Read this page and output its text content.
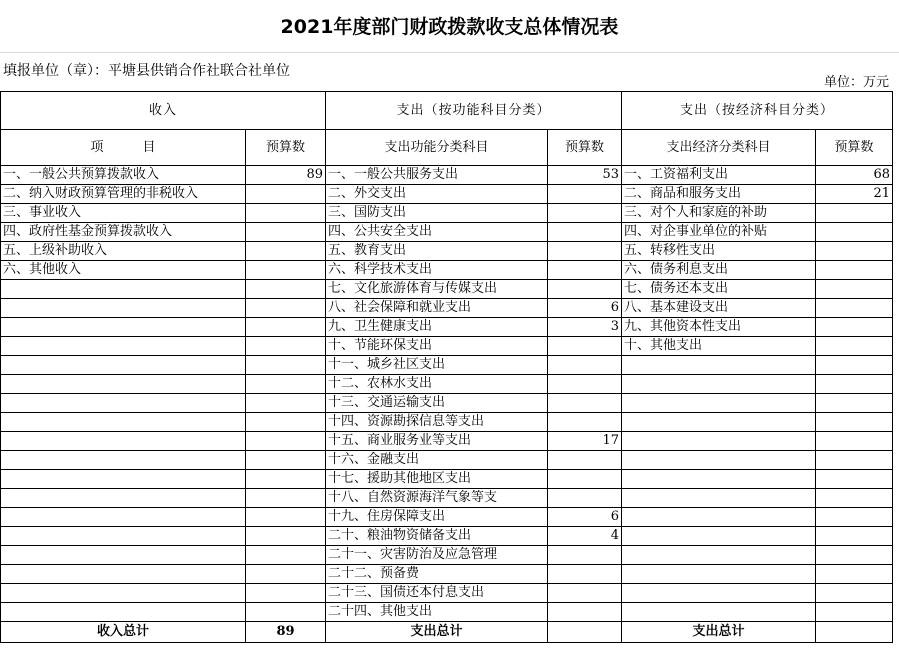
2021年度部门财政拨款收支总体情况表
填报单位（章）：平塘县供销合作社联合社单位
单位：万元
收入		支出（按功能科目分类）		支出（按经济科目分类）	
项　　　目	预算数	支出功能分类科目	预算数	支出经济分类科目	预算数
一、一般公共预算拨款收入	89	一、一般公共服务支出	53	一、工资福利支出	68
二、纳入财政预算管理的非税收入		二、外交支出		二、商品和服务支出	21
三、事业收入		三、国防支出		三、对个人和家庭的补助	
四、政府性基金预算拨款收入		四、公共安全支出		四、对企事业单位的补贴	
五、上级补助收入		五、教育支出		五、转移性支出	
六、其他收入		六、科学技术支出		六、债务利息支出	
		七、文化旅游体育与传媒支出		七、债务还本支出	
		八、社会保障和就业支出	6	八、基本建设支出	
		九、卫生健康支出	3	九、其他资本性支出	
		十、节能环保支出		十、其他支出	
		十一、城乡社区支出			
		十二、农林水支出			
		十三、交通运输支出			
		十四、资源勘探信息等支出			
		十五、商业服务业等支出	17		
		十六、金融支出			
		十七、援助其他地区支出			
		十八、自然资源海洋气象等支			
		十九、住房保障支出	6		
		二十、粮油物资储备支出	4		
		二十一、灾害防治及应急管理			
		二十二、预备费			
		二十三、国债还本付息支出			
		二十四、其他支出			
收入总计	89	支出总计		支出总计	
